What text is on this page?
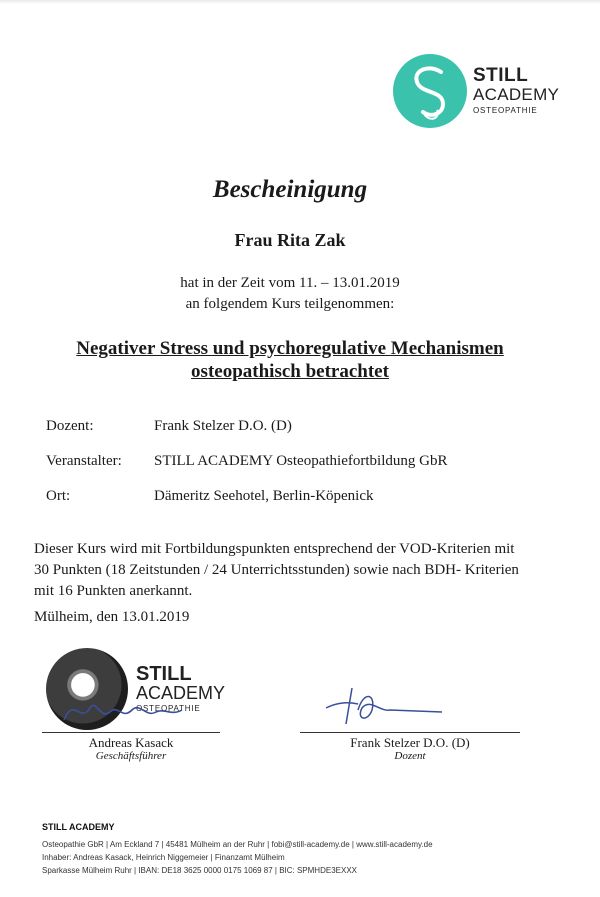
STILL
ACADEMY
OSTEOPATHIE
Bescheinigung
Frau Rita Zak
hat in der Zeit vom 11. – 13.01.2019
an folgendem Kurs teilgenommen:
Negativer Stress und psychoregulative Mechanismen
osteopathisch betrachtet
Dozent:	Frank Stelzer D.O. (D)
Veranstalter:	STILL ACADEMY Osteopathiefortbildung GbR
Ort:	Dämeritz Seehotel, Berlin-Köpenick
Dieser Kurs wird mit Fortbildungspunkten entsprechend der VOD-Kriterien mit
30 Punkten (18 Zeitstunden / 24 Unterrichtsstunden) sowie nach BDH- Kriterien
mit 16 Punkten anerkannt.
Mülheim, den 13.01.2019
STILL
ACADEMY
OSTEOPATHIE
Andreas Kasack
Geschäftsführer
Frank Stelzer D.O. (D)
Dozent
STILL ACADEMY
Osteopathie GbR | Am Eckland 7 | 45481 Mülheim an der Ruhr | fobi@still-academy.de | www.still-academy.de
Inhaber: Andreas Kasack, Heinrich Niggemeier | Finanzamt Mülheim
Sparkasse Mülheim Ruhr | IBAN: DE18 3625 0000 0175 1069 87 | BIC: SPMHDE3EXXX
